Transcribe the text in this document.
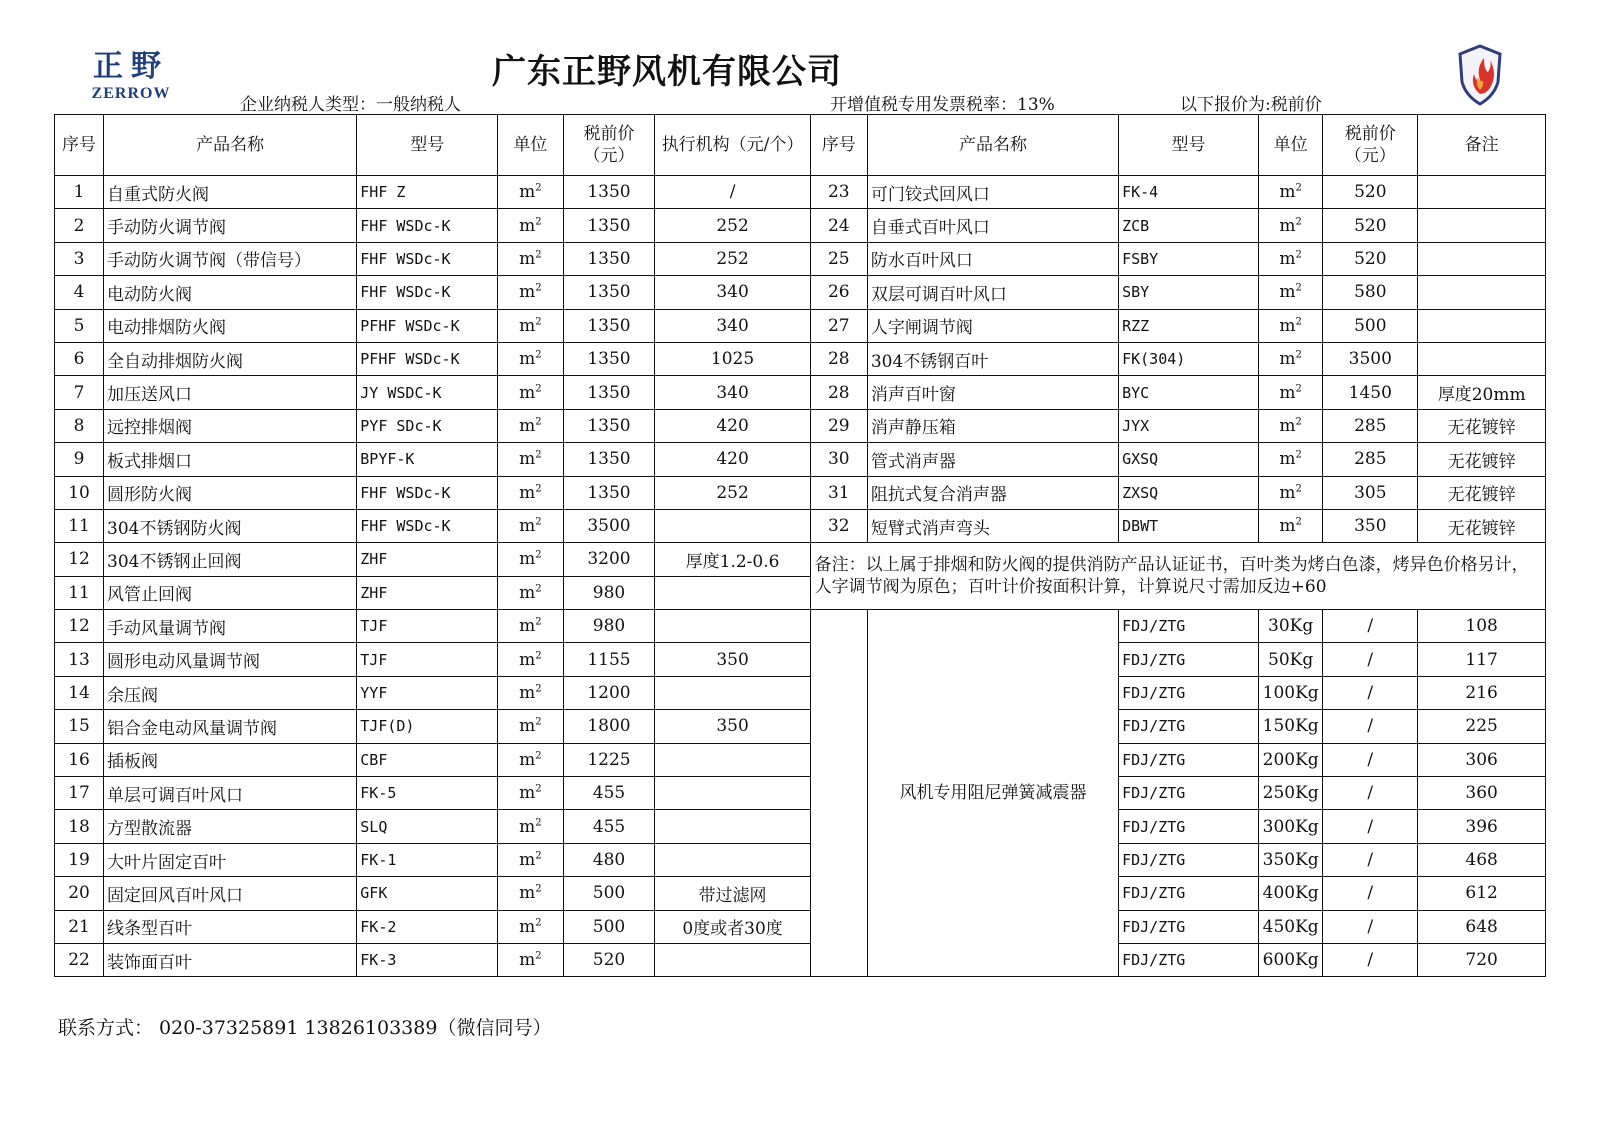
正野
ZERROW
广东正野风机有限公司
企业纳税人类型：一般纳税人	开增值税专用发票税率：13%	以下报价为:税前价
序号	产品名称	型号	单位	税前价（元）	执行机构（元/个）	序号	产品名称	型号	单位	税前价（元）	备注
1	自重式防火阀	FHF Z	$m^2$	1350	/	23	可门铰式回风口	FK-4	$m^2$	520	
2	手动防火调节阀	FHF WSDc-K	$m^2$	1350	252	24	自垂式百叶风口	ZCB	$m^2$	520	
3	手动防火调节阀（带信号）	FHF WSDc-K	$m^2$	1350	252	25	防水百叶风口	FSBY	$m^2$	520	
4	电动防火阀	FHF WSDc-K	$m^2$	1350	340	26	双层可调百叶风口	SBY	$m^2$	580	
5	电动排烟防火阀	PFHF WSDc-K	$m^2$	1350	340	27	人字闸调节阀	RZZ	$m^2$	500	
6	全自动排烟防火阀	PFHF WSDc-K	$m^2$	1350	1025	28	304不锈钢百叶	FK(304)	$m^2$	3500	
7	加压送风口	JY WSDC-K	$m^2$	1350	340	28	消声百叶窗	BYC	$m^2$	1450	厚度20mm
8	远控排烟阀	PYF SDc-K	$m^2$	1350	420	29	消声静压箱	JYX	$m^2$	285	无花镀锌
9	板式排烟口	BPYF-K	$m^2$	1350	420	30	管式消声器	GXSQ	$m^2$	285	无花镀锌
10	圆形防火阀	FHF WSDc-K	$m^2$	1350	252	31	阻抗式复合消声器	ZXSQ	$m^2$	305	无花镀锌
11	304不锈钢防火阀	FHF WSDc-K	$m^2$	3500		32	短臂式消声弯头	DBWT	$m^2$	350	无花镀锌
12	304不锈钢止回阀	ZHF	$m^2$	3200	厚度1.2-0.6	备注：以上属于排烟和防火阀的提供消防产品认证证书，百叶类为烤白色漆，烤异色价格另计，人字调节阀为原色；百叶计价按面积计算，计算说尺寸需加反边+60					
11	风管止回阀	ZHF	$m^2$	980							
12	手动风量调节阀	TJF	$m^2$	980			风机专用阻尼弹簧减震器	FDJ/ZTG	30Kg	/	108
13	圆形电动风量调节阀	TJF	$m^2$	1155	350			FDJ/ZTG	50Kg	/	117
14	余压阀	YYF	$m^2$	1200				FDJ/ZTG	100Kg	/	216
15	铝合金电动风量调节阀	TJF(D)	$m^2$	1800	350			FDJ/ZTG	150Kg	/	225
16	插板阀	CBF	$m^2$	1225				FDJ/ZTG	200Kg	/	306
17	单层可调百叶风口	FK-5	$m^2$	455				FDJ/ZTG	250Kg	/	360
18	方型散流器	SLQ	$m^2$	455				FDJ/ZTG	300Kg	/	396
19	大叶片固定百叶	FK-1	$m^2$	480				FDJ/ZTG	350Kg	/	468
20	固定回风百叶风口	GFK	$m^2$	500	带过滤网			FDJ/ZTG	400Kg	/	612
21	线条型百叶	FK-2	$m^2$	500	0度或者30度			FDJ/ZTG	450Kg	/	648
22	装饰面百叶	FK-3	$m^2$	520				FDJ/ZTG	600Kg	/	720
联系方式： 020-37325891 13826103389（微信同号）
